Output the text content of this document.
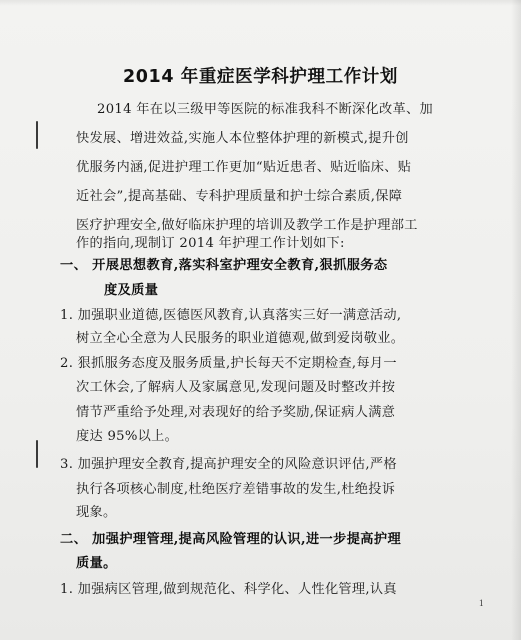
2014 年重症医学科护理工作计划
2014 年在以三级甲等医院的标准我科不断深化改革、加
快发展、增进效益,实施人本位整体护理的新模式,提升创
优服务内涵,促进护理工作更加“贴近患者、贴近临床、贴
近社会”,提高基础、专科护理质量和护士综合素质,保障
医疗护理安全,做好临床护理的培训及教学工作是护理部工
作的指向,现制订 2014 年护理工作计划如下:
一、 开展思想教育,落实科室护理安全教育,狠抓服务态
度及质量
1. 加强职业道德,医德医风教育,认真落实三好一满意活动,
树立全心全意为人民服务的职业道德观,做到爱岗敬业。
2. 狠抓服务态度及服务质量,护长每天不定期检查,每月一
次工休会,了解病人及家属意见,发现问题及时整改并按
情节严重给予处理,对表现好的给予奖励,保证病人满意
度达 95%以上。
3. 加强护理安全教育,提高护理安全的风险意识评估,严格
执行各项核心制度,杜绝医疗差错事故的发生,杜绝投诉
现象。
二、 加强护理管理,提高风险管理的认识,进一步提高护理
质量。
1. 加强病区管理,做到规范化、科学化、人性化管理,认真
1
